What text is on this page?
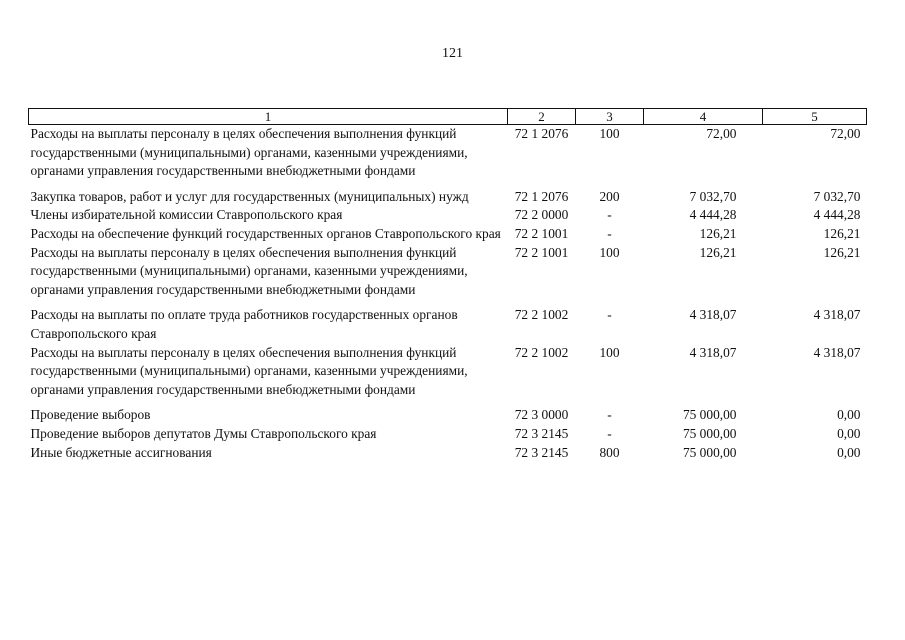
121
1	2	3	4	5
Расходы на выплаты персоналу в целях обеспечения выполнения функций государственными (муниципальными) органами, казенными учреждениями, органами управления государственными внебюджетными фондами	72 1 2076	100	72,00	72,00

Закупка товаров, работ и услуг для государственных (муниципальных) нужд	72 1 2076	200	7 032,70	7 032,70
Члены избирательной комиссии Ставропольского края	72 2 0000	-	4 444,28	4 444,28
Расходы на обеспечение функций государственных органов Ставропольского края	72 2 1001	-	126,21	126,21
Расходы на выплаты персоналу в целях обеспечения выполнения функций государственными (муниципальными) органами, казенными учреждениями, органами управления государственными внебюджетными фондами	72 2 1001	100	126,21	126,21

Расходы на выплаты по оплате труда работников государственных органов Ставропольского края	72 2 1002	-	4 318,07	4 318,07
Расходы на выплаты персоналу в целях обеспечения выполнения функций государственными (муниципальными) органами, казенными учреждениями, органами управления государственными внебюджетными фондами	72 2 1002	100	4 318,07	4 318,07

Проведение выборов	72 3 0000	-	75 000,00	0,00
Проведение выборов депутатов Думы Ставропольского края	72 3 2145	-	75 000,00	0,00
Иные бюджетные ассигнования	72 3 2145	800	75 000,00	0,00
